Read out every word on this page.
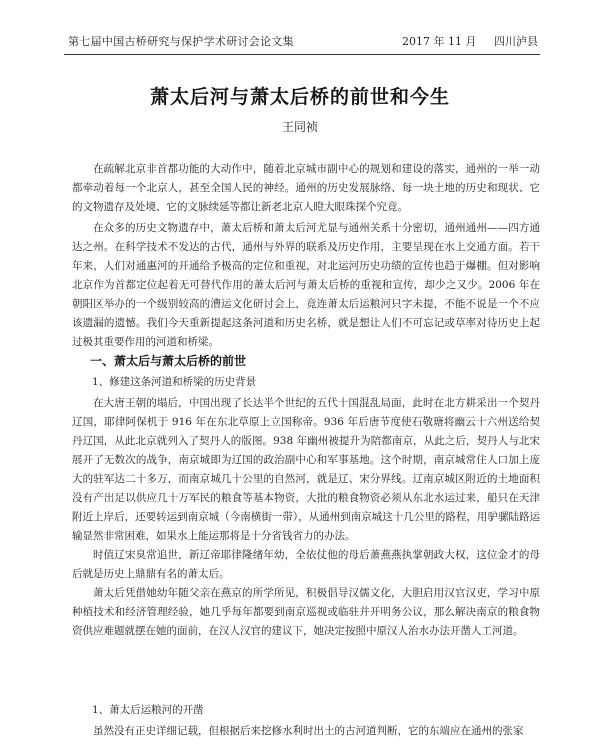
第七届中国古桥研究与保护学术研讨会论文集	2017 年 11 月 四川泸县
萧太后河与萧太后桥的前世和今生
王同祯

在疏解北京非首都功能的大动作中，随着北京城市副中心的规划和建设的落实，通州的一举一动都牵动着每一个北京人，甚至全国人民的神经。通州的历史发展脉络、每一块土地的历史和现状、它的文物遗存及处境、它的文脉续延等都让新老北京人瞪大眼珠探个究竟。

在众多的历史文物遗存中，萧太后桥和萧太后河尤显与通州关系十分密切，通州通州——四方通达之州。在科学技术不发达的古代，通州与外界的联系及历史作用，主要呈现在水上交通方面。若干年来，人们对通惠河的开通给予极高的定位和重视，对北运河历史功绩的宣传也趋于爆棚。但对影响北京作为首都定位起着无可替代作用的萧太后河与萧太后桥的重视和宣传，却少之又少。2006 年在朝阳区举办的一个级别较高的漕运文化研讨会上，竟连萧太后运粮河只字未提，不能不说是一个不应该遗漏的遗憾。我们今天重新提起这条河道和历史名桥，就是想让人们不可忘记或草率对待历史上起过极其重要作用的河道和桥梁。

一、萧太后与萧太后桥的前世
1、修建这条河道和桥梁的历史背景

在大唐王朝的塌后，中国出现了长达半个世纪的五代十国混乱局面，此时在北方耕采出一个契丹辽国，耶律阿保机于 916 年在东北草原上立国称帝。936 年后唐节度使石敬瑭将幽云十六州送给契丹辽国，从此北京就列入了契丹人的版图。938 年幽州被提升为陪都南京，从此之后，契丹人与北宋展开了无数次的战争，南京城即为辽国的政治副中心和军事基地。这个时期，南京城常住人口加上庞大的驻军达二十多万，而南京城几十公里的自然河，就是辽、宋分界线。辽南京城区附近的土地面积没有产出足以供应几十万军民的粮食等基本物资，大批的粮食物资必须从东北水运过来，船只在天津附近上岸后，还要转运到南京城（今南横街一带），从通州到南京城这十几公里的路程，用驴骡陆路运输显然非常困难，如果水上能运那将是十分省钱省力的办法。

时值辽宋臭常追世，新辽帝耶律隆绪年幼，全依仗他的母后萧燕燕执掌朝政大权，这位金才的母后就是历史上鼎鼎有名的萧太后。

萧太后凭借她幼年随父亲在燕京的所学所见，积极倡导汉儒文化，大胆启用汉官汉吏，学习中原种植技术和经济管理经验，她几乎每年都要到南京巡视或临驻并开明务公议，那么解决南京的粮食物资供应难题就摆在她的面前，在汉人汉官的建议下，她决定按照中原汉人治水办法开凿人工河道。

1、萧太后运粮河的开凿

虽然没有正史详细记载，但根据后来挖修水利时出土的古河道判断，它的东端应在通州的张家
